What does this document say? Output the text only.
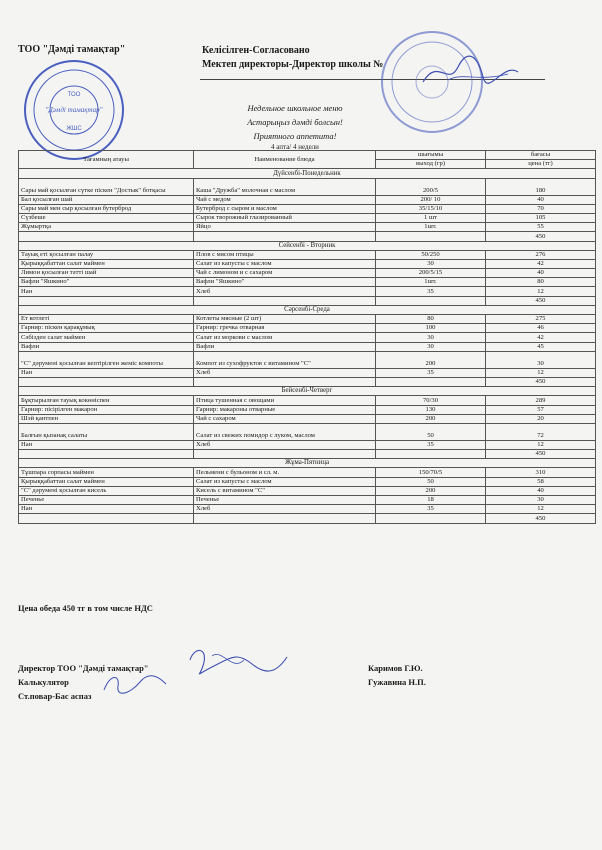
ТОО "Дәмді тамақтар"	Келісілген-Согласовано
Мектеп директоры-Директор школы №
ТОО
"Дәмді тамақтар"
ЖШС
Недельное школьное меню
Астарыңыз дәмді болсын!
Приятного аппетита!
4 апта/ 4 недели
Тағамның атауы	Наименование блюда	шығымы	бағасы
		выход (гр)	цена (тг)
Дүйсенбі-Понедельник			
Сары май қосылған сүтке піскен "Достык" ботқасы	Каша "Дружба" молочная с маслом	200/5	180
Бал қосылған шай	Чай с медом	200/ 10	40
Сары май мен сыр қосылған бутерброд	Бутерброд с сыром и маслом	35/15/10	70
Сүзбеше	Сырок творожный глазированный	1 шт	105
Жұмыртқа	Яйцо	1шт.	55
			450
Сейсенбі - Вторник			
Тауық еті қосылған палау	Плов с мясом птицы	50/250	276
Қырыққабаттан салат маймен	Салат из капусты с маслом	30	42
Лимон қосылған тәтті шай	Чай с лимоном и с сахаром	200/5/15	40
Вафли "Яшкино"	Вафли "Яшкино"	1шт.	80
Нан	Хлеб	35	12
			450
Сәрсенбі-Среда			
Ет котлеті	Котлеты мясные (2 шт)	80	275
Гарнир: піскен қарақұмық	Гарнир: гречка отварная	100	46
Сәбізден салат маймен	Салат из моркови с маслом	30	42
Вафли	Вафли	30	45
"С" дәрумені қосылған кептірілген жеміс компоты	Компот из сухофруктов с витамином "С"	200	30
Нан	Хлеб	35	12
			450
Бейсенбі-Четверг			
Бұқтырылған тауық кокөніспен	Птица тушенная с овощами	70/30	289
Гарнир: пісірілген макарон	Гарнир: макароны отварные	130	57
Шэй қантпен	Чай с сахаром	200	20
Балғын қызанақ салаты	Салат из свежих помидор с луком, маслом	50	72
Нан	Хлеб	35	12
			450
Жұма-Пятница			
Тұшпара сорпасы маймен	Пельмени с бульоном и сл. м.	150/70/5	310
Қырыққабаттан салат маймен	Салат из капусты с маслом	50	58
"С" дәрумені қосылған кисель	Кисель с витамином "С"	200	40
Печенье	Печенье	18	30
Нан	Хлеб	35	12
			450
Цена обеда 450 тг в том числе НДС
Директор ТОО "Дәмді тамақтар"	Каримов Г.Ю.
Калькулятор	Гужавина Н.П.
Ст.повар-Бас аспаз
